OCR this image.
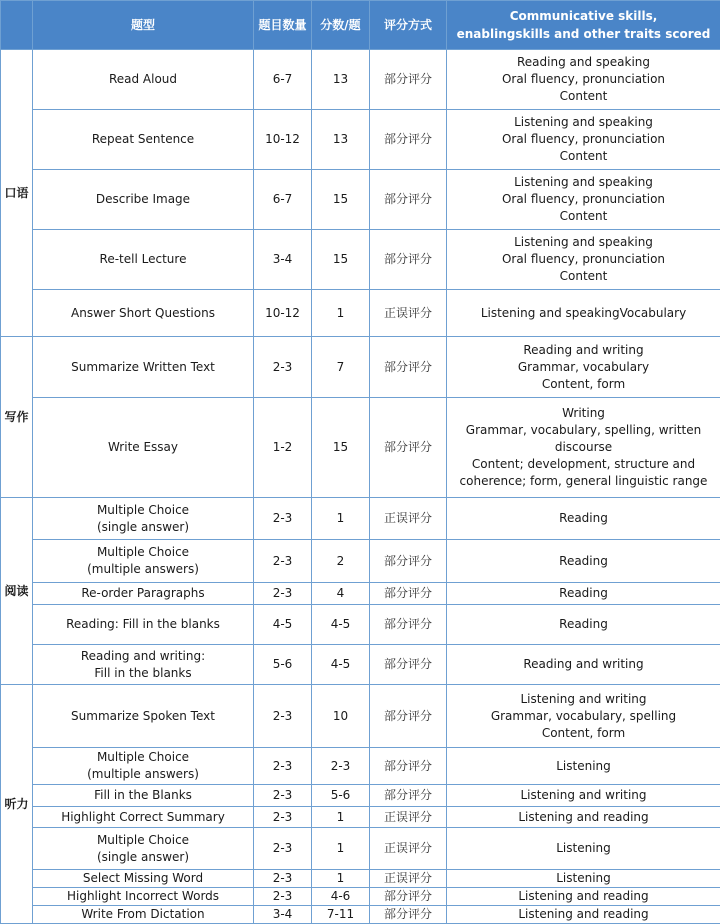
	题型	题目数量	分数/题	评分方式	Communicative skills,
enablingskills and other traits scored
口语	Read Aloud	6-7	13	部分评分	Reading and speaking
Oral fluency, pronunciation
Content
	Repeat Sentence	10-12	13	部分评分	Listening and speaking
Oral fluency, pronunciation
Content
	Describe Image	6-7	15	部分评分	Listening and speaking
Oral fluency, pronunciation
Content
	Re-tell Lecture	3-4	15	部分评分	Listening and speaking
Oral fluency, pronunciation
Content
	Answer Short Questions	10-12	1	正误评分	Listening and speakingVocabulary
写作	Summarize Written Text	2-3	7	部分评分	Reading and writing
Grammar, vocabulary
Content, form
	Write Essay	1-2	15	部分评分	Writing
Grammar, vocabulary, spelling, written discourse
Content; development, structure and coherence; form, general linguistic range
阅读	Multiple Choice
(single answer)	2-3	1	正误评分	Reading
	Multiple Choice
(multiple answers)	2-3	2	部分评分	Reading
	Re-order Paragraphs	2-3	4	部分评分	Reading
	Reading: Fill in the blanks	4-5	4-5	部分评分	Reading
	Reading and writing:
Fill in the blanks	5-6	4-5	部分评分	Reading and writing
听力	Summarize Spoken Text	2-3	10	部分评分	Listening and writing
Grammar, vocabulary, spelling
Content, form
	Multiple Choice
(multiple answers)	2-3	2-3	部分评分	Listening
	Fill in the Blanks	2-3	5-6	部分评分	Listening and writing
	Highlight Correct Summary	2-3	1	正误评分	Listening and reading
	Multiple Choice
(single answer)	2-3	1	正误评分	Listening
	Select Missing Word	2-3	1	正误评分	Listening
	Highlight Incorrect Words	2-3	4-6	部分评分	Listening and reading
	Write From Dictation	3-4	7-11	部分评分	Listening and reading
